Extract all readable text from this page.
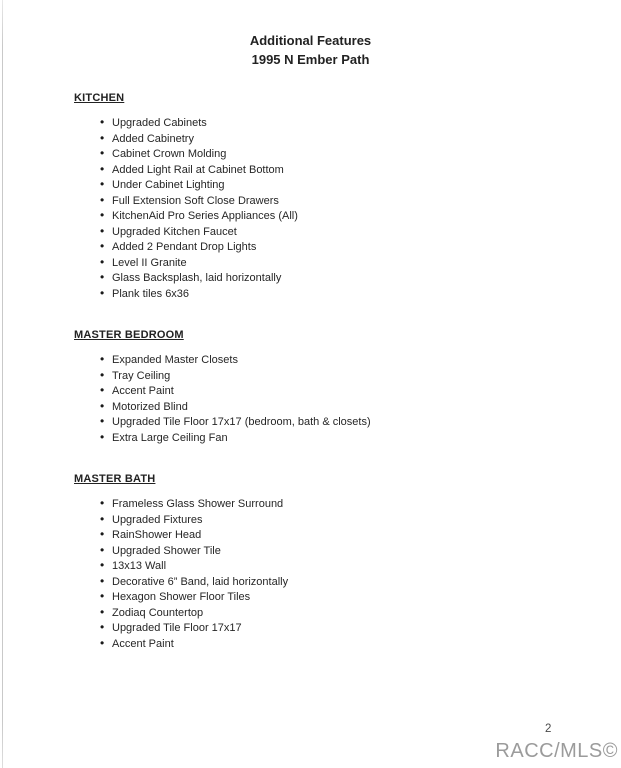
Additional Features
1995 N Ember Path
KITCHEN
• Upgraded Cabinets
• Added Cabinetry
• Cabinet Crown Molding
• Added Light Rail at Cabinet Bottom
• Under Cabinet Lighting
• Full Extension Soft Close Drawers
• KitchenAid Pro Series Appliances (All)
• Upgraded Kitchen Faucet
• Added 2 Pendant Drop Lights
• Level II Granite
• Glass Backsplash, laid horizontally
• Plank tiles 6x36
MASTER BEDROOM
• Expanded Master Closets
• Tray Ceiling
• Accent Paint
• Motorized Blind
• Upgraded Tile Floor 17x17 (bedroom, bath & closets)
• Extra Large Ceiling Fan
MASTER BATH
• Frameless Glass Shower Surround
• Upgraded Fixtures
• RainShower Head
• Upgraded Shower Tile
• 13x13 Wall
• Decorative 6” Band, laid horizontally
• Hexagon Shower Floor Tiles
• Zodiaq Countertop
• Upgraded Tile Floor 17x17
• Accent Paint
2
RACC/MLS©
